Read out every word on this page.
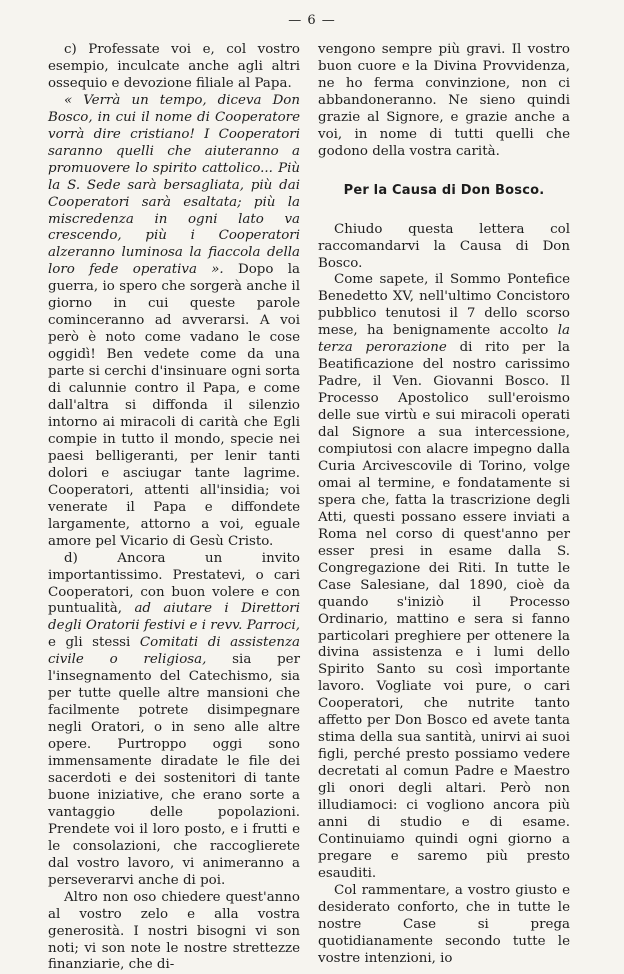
— 6 —

c) Professate voi e, col vostro esempio, inculcate anche agli altri ossequio e devozione filiale al Papa.

« Verrà un tempo, diceva Don Bosco, in cui il nome di Cooperatore vorrà dire cristiano! I Cooperatori saranno quelli che aiuteranno a promuovere lo spirito cattolico... Più la S. Sede sarà bersagliata, più dai Cooperatori sarà esaltata; più la miscredenza in ogni lato va crescendo, più i Cooperatori alzeranno luminosa la fiaccola della loro fede operativa ». Dopo la guerra, io spero che sorgerà anche il giorno in cui queste parole cominceranno ad avverarsi. A voi però è noto come vadano le cose oggidì! Ben vedete come da una parte si cerchi d'insinuare ogni sorta di calunnie contro il Papa, e come dall'altra si diffonda il silenzio intorno ai miracoli di carità che Egli compie in tutto il mondo, specie nei paesi belligeranti, per lenir tanti dolori e asciugar tante lagrime. Cooperatori, attenti all'insidia; voi venerate il Papa e diffondete largamente, attorno a voi, eguale amore pel Vicario di Gesù Cristo.

d) Ancora un invito importantissimo. Prestatevi, o cari Cooperatori, con buon volere e con puntualità, ad aiutare i Direttori degli Oratorii festivi e i revv. Parroci, e gli stessi Comitati di assistenza civile o religiosa, sia per l'insegnamento del Catechismo, sia per tutte quelle altre mansioni che facilmente potrete disimpegnare negli Oratori, o in seno alle altre opere. Purtroppo oggi sono immensamente diradate le file dei sacerdoti e dei sostenitori di tante buone iniziative, che erano sorte a vantaggio delle popolazioni. Prendete voi il loro posto, e i frutti e le consolazioni, che raccoglierete dal vostro lavoro, vi animeranno a perseverarvi anche di poi.

Altro non oso chiedere quest'anno al vostro zelo e alla vostra generosità. I nostri bisogni vi son noti; vi son note le nostre strettezze finanziarie, che di-

vengono sempre più gravi. Il vostro buon cuore e la Divina Provvidenza, ne ho ferma convinzione, non ci abbandoneranno. Ne sieno quindi grazie al Signore, e grazie anche a voi, in nome di tutti quelli che godono della vostra carità.

Per la Causa di Don Bosco.

Chiudo questa lettera col raccomandarvi la Causa di Don Bosco.

Come sapete, il Sommo Pontefice Benedetto XV, nell'ultimo Concistoro pubblico tenutosi il 7 dello scorso mese, ha benignamente accolto la terza perorazione di rito per la Beatificazione del nostro carissimo Padre, il Ven. Giovanni Bosco. Il Processo Apostolico sull'eroismo delle sue virtù e sui miracoli operati dal Signore a sua intercessione, compiutosi con alacre impegno dalla Curia Arcivescovile di Torino, volge omai al termine, e fondatamente si spera che, fatta la trascrizione degli Atti, questi possano essere inviati a Roma nel corso di quest'anno per esser presi in esame dalla S. Congregazione dei Riti. In tutte le Case Salesiane, dal 1890, cioè da quando s'iniziò il Processo Ordinario, mattino e sera si fanno particolari preghiere per ottenere la divina assistenza e i lumi dello Spirito Santo su così importante lavoro. Vogliate voi pure, o cari Cooperatori, che nutrite tanto affetto per Don Bosco ed avete tanta stima della sua santità, unirvi ai suoi figli, perché presto possiamo vedere decretati al comun Padre e Maestro gli onori degli altari. Però non illudiamoci: ci vogliono ancora più anni di studio e di esame. Continuiamo quindi ogni giorno a pregare e saremo più presto esauditi.

Col rammentare, a vostro giusto e desiderato conforto, che in tutte le nostre Case si prega quotidianamente secondo tutte le vostre intenzioni, io
